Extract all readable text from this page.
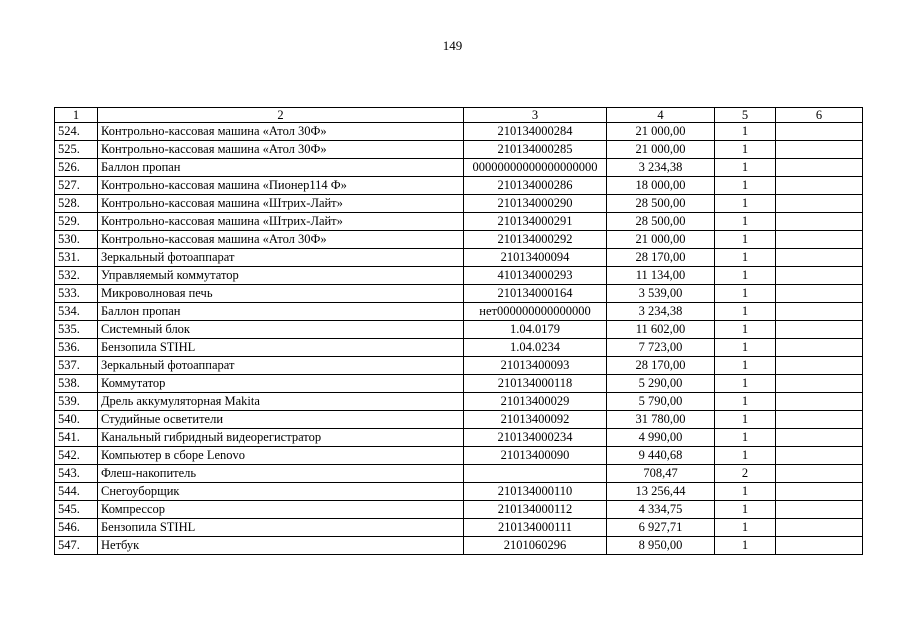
149
1	2	3	4	5	6
524.	Контрольно-кассовая машина «Атол 30Ф»	210134000284	21 000,00	1	
525.	Контрольно-кассовая машина «Атол 30Ф»	210134000285	21 000,00	1	
526.	Баллон пропан	00000000000000000000	3 234,38	1	
527.	Контрольно-кассовая машина «Пионер114 Ф»	210134000286	18 000,00	1	
528.	Контрольно-кассовая машина «Штрих-Лайт»	210134000290	28 500,00	1	
529.	Контрольно-кассовая машина «Штрих-Лайт»	210134000291	28 500,00	1	
530.	Контрольно-кассовая машина «Атол 30Ф»	210134000292	21 000,00	1	
531.	Зеркальный фотоаппарат	21013400094	28 170,00	1	
532.	Управляемый коммутатор	410134000293	11 134,00	1	
533.	Микроволновая печь	210134000164	3 539,00	1	
534.	Баллон пропан	нет000000000000000	3 234,38	1	
535.	Системный блок	1.04.0179	11 602,00	1	
536.	Бензопила STIHL	1.04.0234	7 723,00	1	
537.	Зеркальный фотоаппарат	21013400093	28 170,00	1	
538.	Коммутатор	210134000118	5 290,00	1	
539.	Дрель аккумуляторная Makita	21013400029	5 790,00	1	
540.	Студийные осветители	21013400092	31 780,00	1	
541.	Канальный гибридный видеорегистратор	210134000234	4 990,00	1	
542.	Компьютер в сборе Lenovo	21013400090	9 440,68	1	
543.	Флеш-накопитель		708,47	2	
544.	Снегоуборщик	210134000110	13 256,44	1	
545.	Компрессор	210134000112	4 334,75	1	
546.	Бензопила STIHL	210134000111	6 927,71	1	
547.	Нетбук	2101060296	8 950,00	1	
